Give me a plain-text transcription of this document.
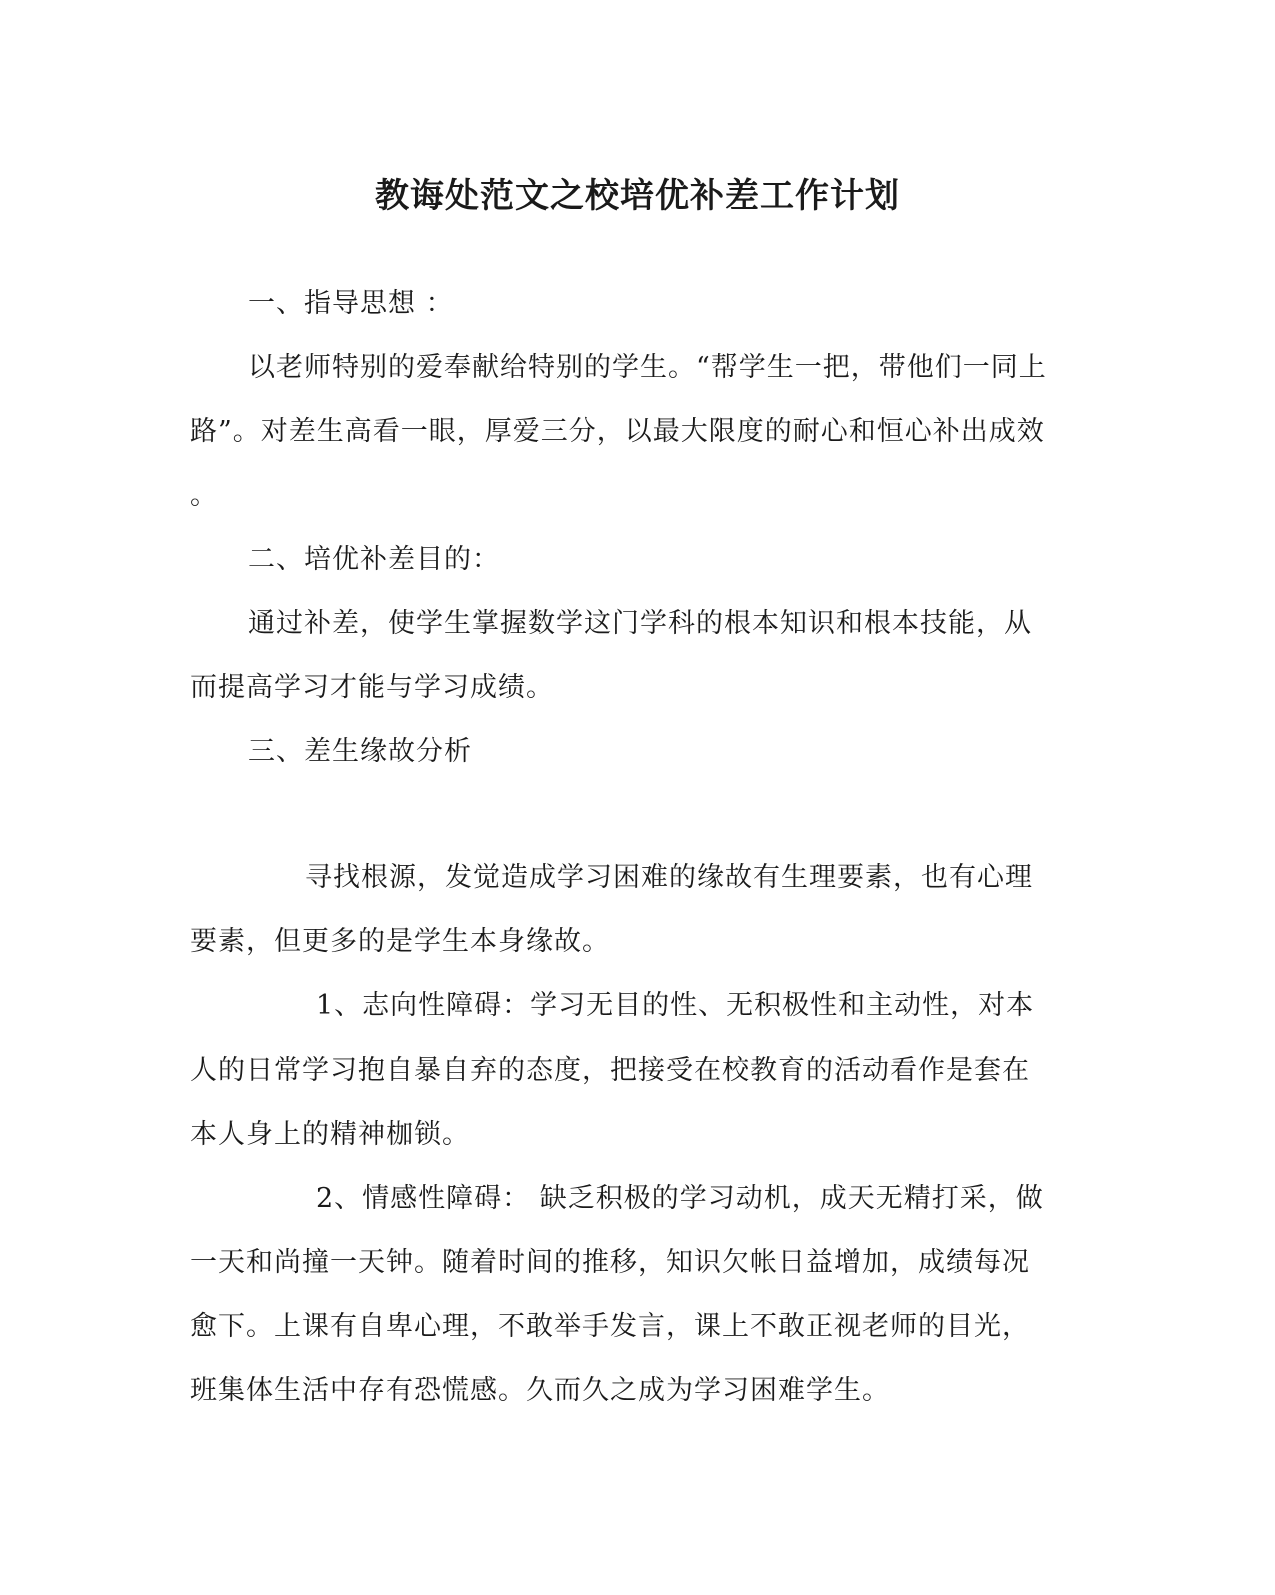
教诲处范文之校培优补差工作计划
一、指导思想 ：
以老师特别的爱奉献给特别的学生。“帮学生一把，带他们一同上
路”。对差生高看一眼，厚爱三分，以最大限度的耐心和恒心补出成效
。
二、培优补差目的：
通过补差，使学生掌握数学这门学科的根本知识和根本技能，从
而提高学习才能与学习成绩。
三、差生缘故分析
寻找根源，发觉造成学习困难的缘故有生理要素，也有心理
要素，但更多的是学生本身缘故。
1、志向性障碍：学习无目的性、无积极性和主动性，对本
人的日常学习抱自暴自弃的态度，把接受在校教育的活动看作是套在
本人身上的精神枷锁。
2、情感性障碍： 缺乏积极的学习动机，成天无精打采，做
一天和尚撞一天钟。随着时间的推移，知识欠帐日益增加，成绩每况
愈下。上课有自卑心理，不敢举手发言，课上不敢正视老师的目光，
班集体生活中存有恐慌感。久而久之成为学习困难学生。
